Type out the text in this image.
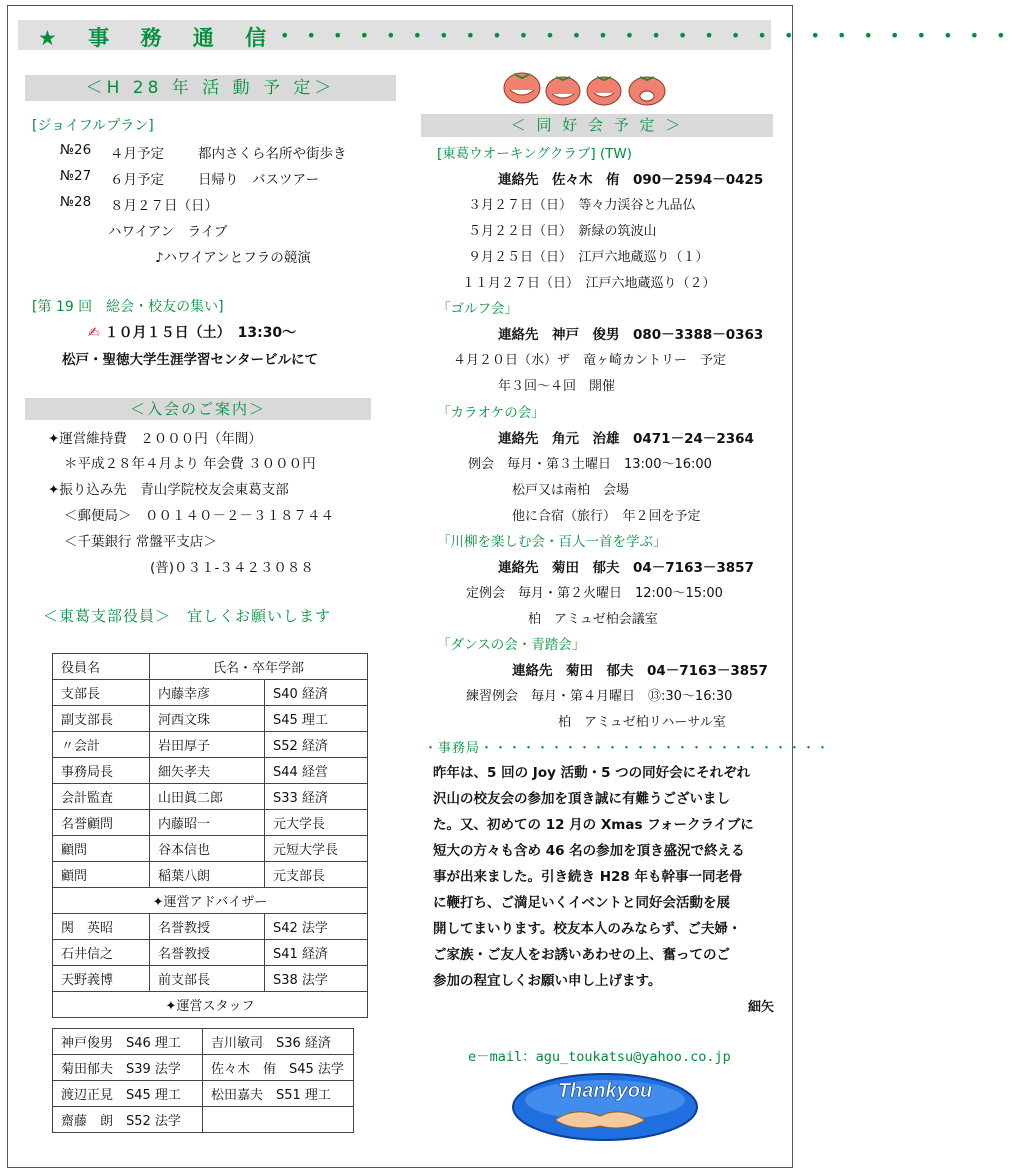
★ 事 務 通 信 • • • • • • • • • • • • • • • • • • • • • • • • • • • •
＜H 28 年 活 動 予 定＞
[ジョイフルプラン]
№26 ４月予定	都内さくら名所や街歩き
№27 ６月予定	日帰り　バスツアー
№28 ８月２７日（日）
ハワイアン　ライブ
♪ハワイアンとフラの競演
[第 19 回　総会・校友の集い]
✍ １０月１５日（土）　13:30～
松戸・聖徳大学生涯学習センタービルにて
＜入会のご案内＞
✦運営維持費　２０００円（年間）
＊平成２８年４月より 年会費 ３０００円
✦振り込み先　青山学院校友会東葛支部
＜郵便局＞　００１４０－２－３１８７４４
＜千葉銀行 常盤平支店＞
(普)０３１-３４２３０８８
＜東葛支部役員＞　宜しくお願いします
役員名	氏名・卒年学部	
支部長	内藤幸彦	S40 経済
副支部長	河西文珠	S45 理工
〃会計	岩田厚子	S52 経済
事務局長	細矢孝夫	S44 経営
会計監査	山田眞二郎	S33 経済
名誉顧問	内藤昭一	元大学長
顧問	谷本信也	元短大学長
顧問	稲葉八朗	元支部長
✦運営アドバイザー		
関　英昭	名誉教授	S42 法学
石井信之	名誉教授	S41 経済
天野義博	前支部長	S38 法学
✦運営スタッフ		
神戸俊男　S46 理工	吉川敏司　S36 経済
菊田郁夫　S39 法学	佐々木　侑　S45 法学
渡辺正見　S45 理工	松田嘉夫　S51 理工
齋藤　朗　S52 法学	
＜ 同 好 会 予 定 ＞
[東葛ウオーキングクラブ] (TW)
連絡先　佐々木　侑　090－2594－0425
３月２７日（日）　等々力渓谷と九品仏
５月２２日（日）　新緑の筑波山
９月２５日（日）　江戸六地蔵巡り（１）
１１月２７日（日）　江戸六地蔵巡り（２）
「ゴルフ会」
連絡先　神戸　俊男　080－3388－0363
４月２０日（水）ザ　竜ヶ崎カントリー　予定
年３回～４回　開催
「カラオケの会」
連絡先　角元　治雄　0471－24－2364
例会　毎月・第３土曜日　13:00～16:00
松戸又は南柏　会場
他に合宿（旅行）　年２回を予定
「川柳を楽しむ会・百人一首を学ぶ」
連絡先　菊田　郁夫　04－7163－3857
定例会　毎月・第２火曜日　12:00～15:00
柏　アミュゼ柏会議室
「ダンスの会・青踏会」
連絡先　菊田　郁夫　04－7163－3857
練習例会　毎月・第４月曜日　⑬:30～16:30
柏　アミュゼ柏リハーサル室
・事務局・・・・・・・・・・・・・・・・・・・・・・・・・
昨年は、5 回の Joy 活動・5 つの同好会にそれぞれ
沢山の校友会の参加を頂き誠に有難うございまし
た。又、初めての 12 月の Xmas フォークライブに
短大の方々も含め 46 名の参加を頂き盛況で終える
事が出来ました。引き続き H28 年も幹事一同老骨
に鞭打ち、ご満足いくイベントと同好会活動を展
開してまいります。校友本人のみならず、ご夫婦・
ご家族・ご友人をお誘いあわせの上、奮ってのご
参加の程宜しくお願い申し上げます。
細矢
e－mail：agu_toukatsu@yahoo.co.jp
Thankyou
